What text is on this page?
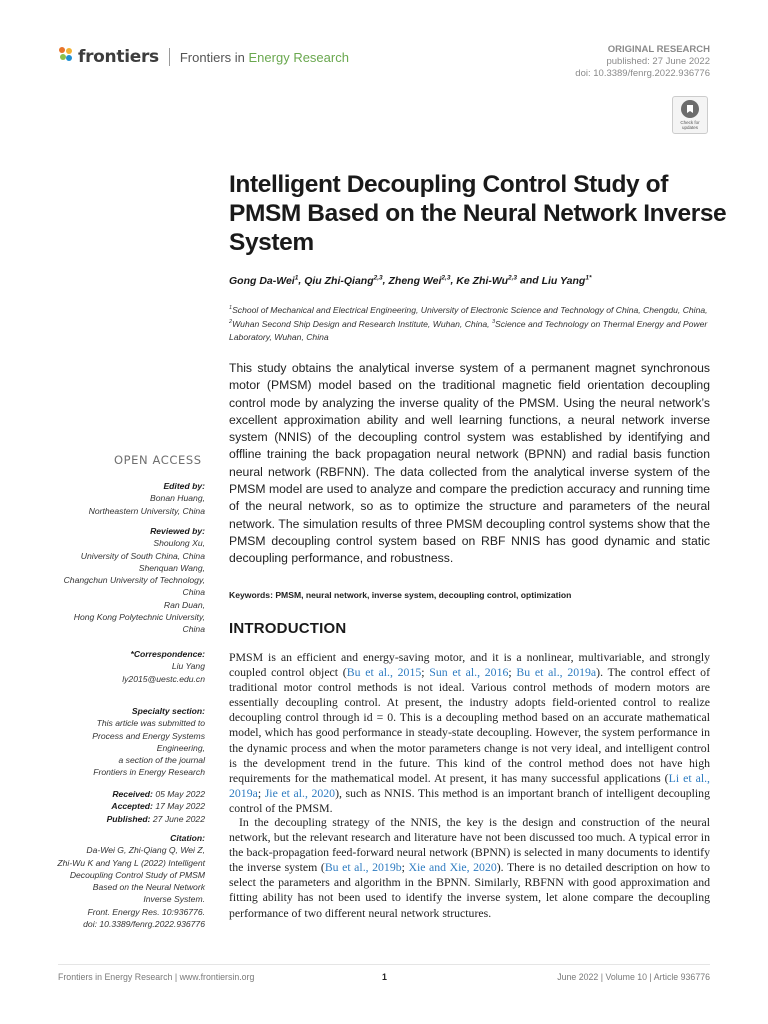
frontiers Frontiers in Energy Research	ORIGINAL RESEARCH
published: 27 June 2022
doi: 10.3389/fenrg.2022.936776
Check for updates
Intelligent Decoupling Control Study of PMSM Based on the Neural Network Inverse System
Gong Da-Wei$^1$, Qiu Zhi-Qiang$^{2,3}$, Zheng Wei$^{2,3}$, Ke Zhi-Wu$^{2,3}$ and Liu Yang$^{1*}$
$^1$School of Mechanical and Electrical Engineering, University of Electronic Science and Technology of China, Chengdu, China,
$^2$Wuhan Second Ship Design and Research Institute, Wuhan, China, $^3$Science and Technology on Thermal Energy and Power Laboratory, Wuhan, China
This study obtains the analytical inverse system of a permanent magnet synchronous motor (PMSM) model based on the traditional magnetic field orientation decoupling control mode by analyzing the inverse quality of the PMSM. Using the neural network’s excellent approximation ability and well learning functions, a neural network inverse system (NNIS) of the decoupling control system was established by identifying and offline training the back propagation neural network (BPNN) and radial basis function neural network (RBFNN). The data collected from the analytical inverse system of the PMSM model are used to analyze and compare the prediction accuracy and running time of the neural network, so as to optimize the structure and parameters of the neural network. The simulation results of three PMSM decoupling control systems show that the PMSM decoupling control system based on RBF NNIS has good dynamic and static decoupling performance, and robustness.
Keywords: PMSM, neural network, inverse system, decoupling control, optimization
INTRODUCTION
PMSM is an efficient and energy-saving motor, and it is a nonlinear, multivariable, and strongly coupled control object (Bu et al., 2015; Sun et al., 2016; Bu et al., 2019a). The control effect of traditional motor control methods is not ideal. Various control methods of modern motors are essentially decoupling control. At present, the industry adopts field-oriented control to realize decoupling control through id = 0. This is a decoupling method based on an accurate mathematical model, which has good performance in steady-state decoupling. However, the system performance in the dynamic process and when the motor parameters change is not very ideal, and intelligent control is the development trend in the future. This kind of the control method does not have high requirements for the mathematical model. At present, it has many successful applications (Li et al., 2019a; Jie et al., 2020), such as NNIS. This method is an important branch of intelligent decoupling control of the PMSM.
In the decoupling strategy of the NNIS, the key is the design and construction of the neural network, but the relevant research and literature have not been discussed too much. A typical error in the back-propagation feed-forward neural network (BPNN) is selected in many documents to identify the inverse system (Bu et al., 2019b; Xie and Xie, 2020). There is no detailed description on how to select the parameters and algorithm in the BPNN. Similarly, RBFNN with good approximation and fitting ability has not been used to identify the inverse system, let alone compare the decoupling performance of two different neural network structures.
OPEN ACCESS
Edited by:
Bonan Huang,
Northeastern University, China
Reviewed by:
Shoulong Xu,
University of South China, China
Shenquan Wang,
Changchun University of Technology,
China
Ran Duan,
Hong Kong Polytechnic University,
China
*Correspondence:
Liu Yang
ly2015@uestc.edu.cn
Specialty section:
This article was submitted to
Process and Energy Systems
Engineering,
a section of the journal
Frontiers in Energy Research
Received: 05 May 2022
Accepted: 17 May 2022
Published: 27 June 2022
Citation:
Da-Wei G, Zhi-Qiang Q, Wei Z,
Zhi-Wu K and Yang L (2022) Intelligent
Decoupling Control Study of PMSM
Based on the Neural Network
Inverse System.
Front. Energy Res. 10:936776.
doi: 10.3389/fenrg.2022.936776
Frontiers in Energy Research | www.frontiersin.org	1	June 2022 | Volume 10 | Article 936776
